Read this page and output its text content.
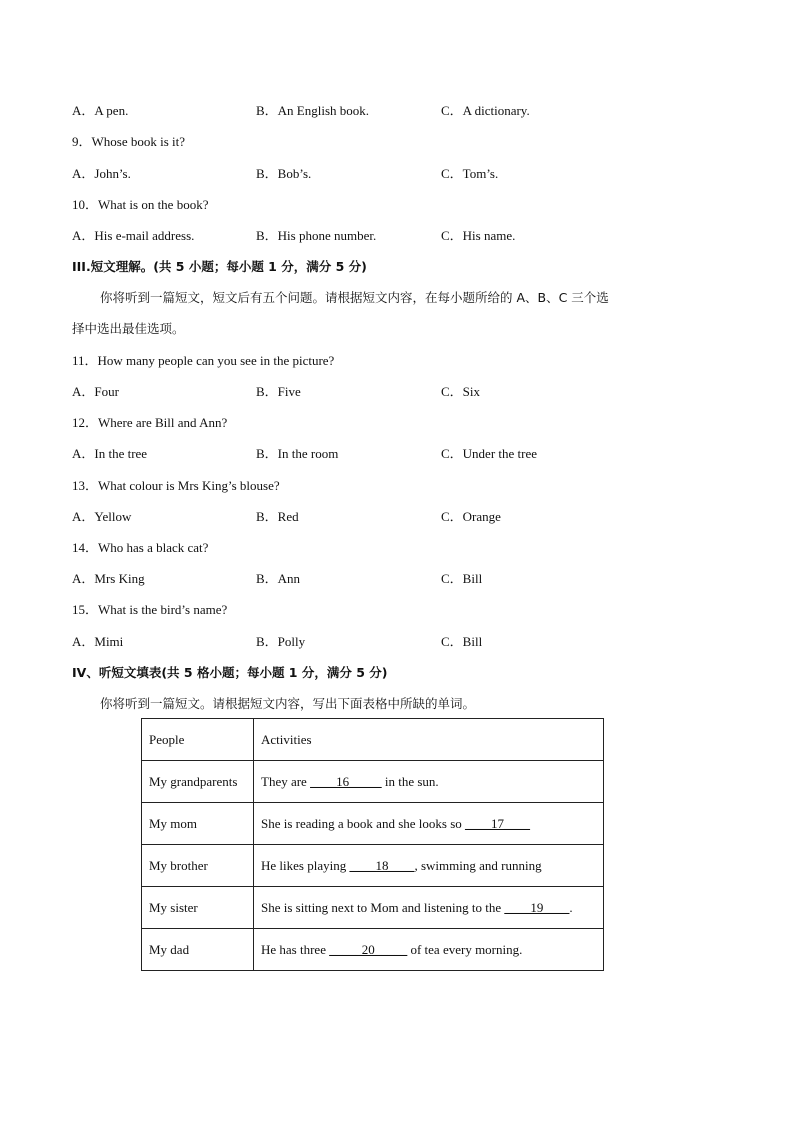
A．A pen.	B．An English book.	C．A dictionary.
9．Whose book is it?
A．John’s.	B．Bob’s.	C．Tom’s.
10．What is on the book?
A．His e-mail address.	B．His phone number.	C．His name.
III.短文理解。(共 5 小题；每小题 1 分，满分 5 分)
你将听到一篇短文，短文后有五个问题。请根据短文内容，在每小题所给的 A、B、C 三个选
择中选出最佳选项。
11．How many people can you see in the picture?
A．Four	B．Five	C．Six
12．Where are Bill and Ann?
A．In the tree	B．In the room	C．Under the tree
13．What colour is Mrs King’s blouse?
A．Yellow	B．Red	C．Orange
14．Who has a black cat?
A．Mrs King	B．Ann	C．Bill
15．What is the bird’s name?
A．Mimi	B．Polly	C．Bill
IV、听短文填表(共 5 格小题；每小题 1 分，满分 5 分)
你将听到一篇短文。请根据短文内容，写出下面表格中所缺的单词。
People	Activities
My grandparents	They are ____16_____ in the sun.
My mom	She is reading a book and she looks so ____17____
My brother	He likes playing ____18____, swimming and running
My sister	She is sitting next to Mom and listening to the ____19____.
My dad	He has three _____20_____ of tea every morning.
